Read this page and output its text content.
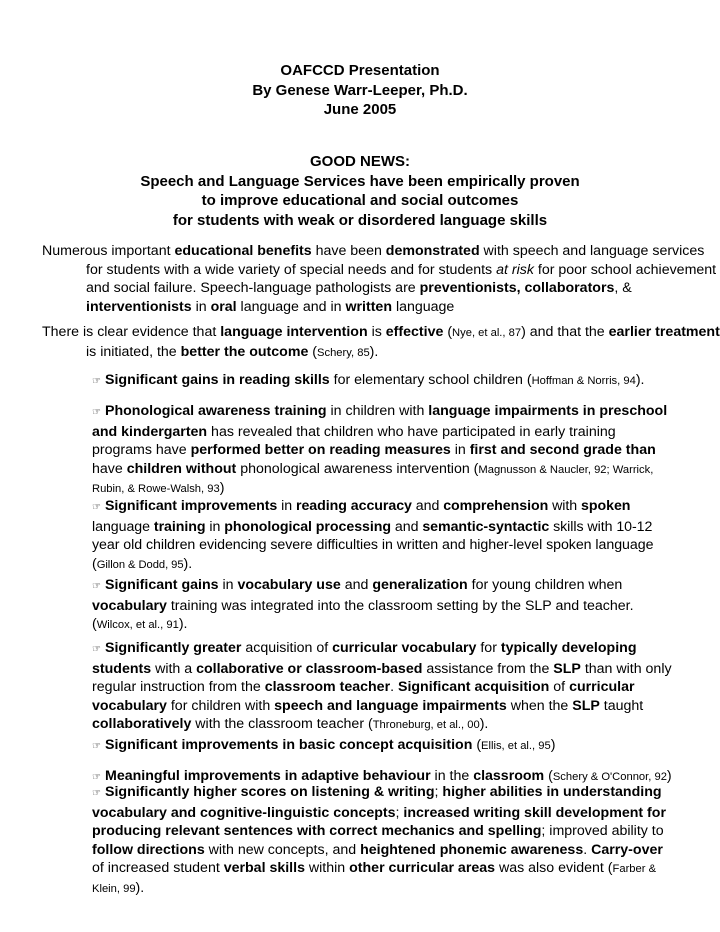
OAFCCD Presentation
By Genese Warr-Leeper, Ph.D.
June 2005
GOOD NEWS:
Speech and Language Services have been empirically proven
to improve educational and social outcomes
for students with weak or disordered language skills

Numerous important educational benefits have been demonstrated with speech and language services for students with a wide variety of special needs and for students at risk for poor school achievement and social failure. Speech-language pathologists are preventionists, collaborators, & interventionists in oral language and in written language

There is clear evidence that language intervention is effective (Nye, et al., 87) and that the earlier treatment is initiated, the better the outcome (Schery, 85).

☞ Significant gains in reading skills for elementary school children (Hoffman & Norris, 94).
☞ Phonological awareness training in children with language impairments in preschool and kindergarten has revealed that children who have participated in early training programs have performed better on reading measures in first and second grade than have children without phonological awareness intervention (Magnusson & Naucler, 92; Warrick, Rubin, & Rowe-Walsh, 93)
☞ Significant improvements in reading accuracy and comprehension with spoken language training in phonological processing and semantic-syntactic skills with 10-12 year old children evidencing severe difficulties in written and higher-level spoken language (Gillon & Dodd, 95).
☞ Significant gains in vocabulary use and generalization for young children when vocabulary training was integrated into the classroom setting by the SLP and teacher. (Wilcox, et al., 91).
☞ Significantly greater acquisition of curricular vocabulary for typically developing students with a collaborative or classroom-based assistance from the SLP than with only regular instruction from the classroom teacher. Significant acquisition of curricular vocabulary for children with speech and language impairments when the SLP taught collaboratively with the classroom teacher (Throneburg, et al., 00).
☞ Significant improvements in basic concept acquisition (Ellis, et al., 95)
☞ Meaningful improvements in adaptive behaviour in the classroom (Schery & O'Connor, 92)
☞ Significantly higher scores on listening & writing; higher abilities in understanding vocabulary and cognitive-linguistic concepts; increased writing skill development for producing relevant sentences with correct mechanics and spelling; improved ability to follow directions with new concepts, and heightened phonemic awareness. Carry-over of increased student verbal skills within other curricular areas was also evident (Farber & Klein, 99).
